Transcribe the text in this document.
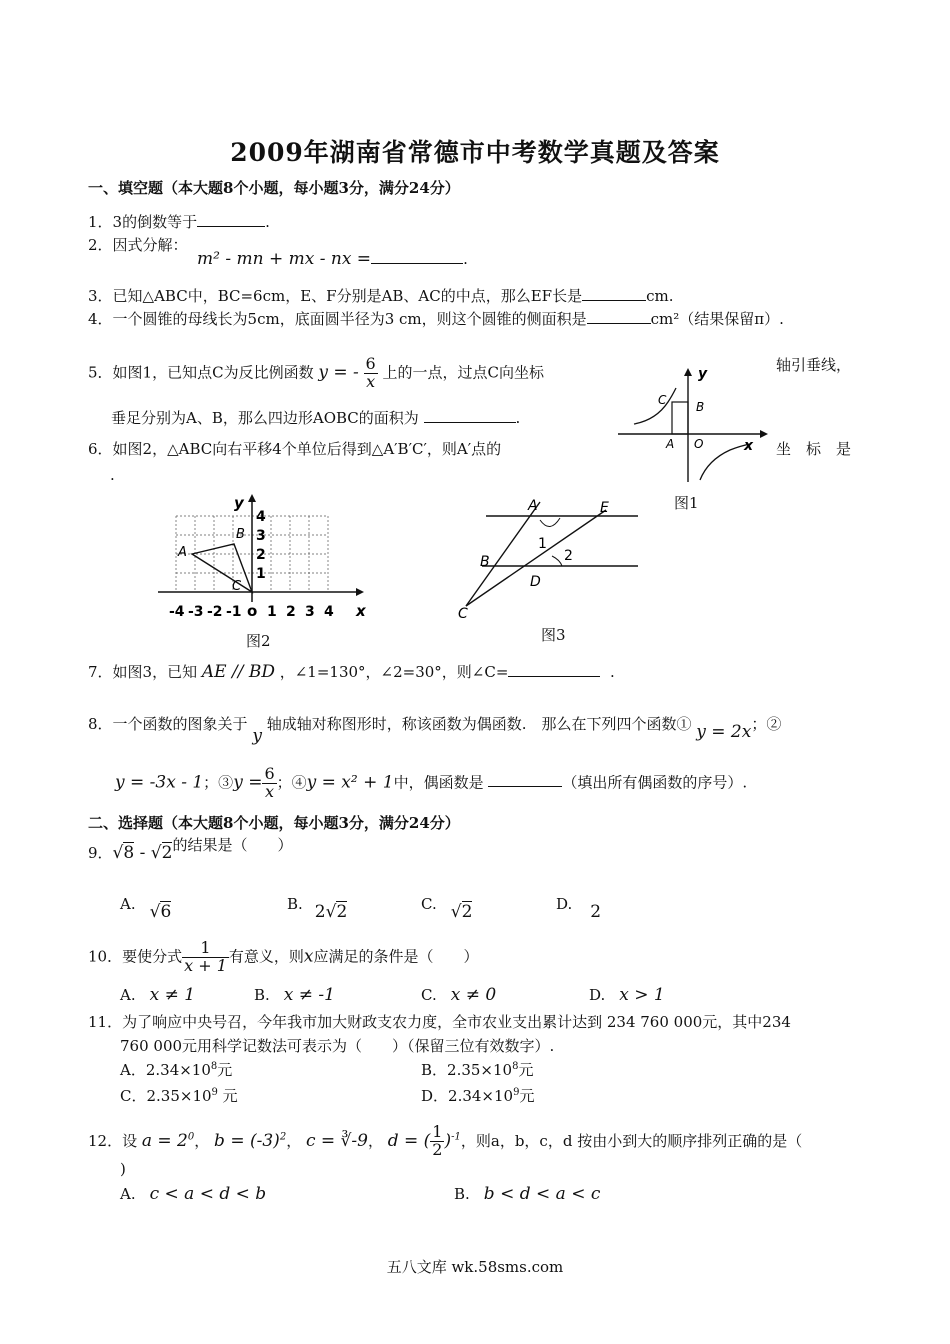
2009年湖南省常德市中考数学真题及答案
一、填空题（本大题8个小题，每小题3分，满分24分）
1．3的倒数等于	.
2．因式分解：
m² - mn + mx - nx =	.
3．已知△ABC中，BC=6cm，E、F分别是AB、AC的中点，那么EF长是	cm.
4．一个圆锥的母线长为5cm，底面圆半径为3 cm，则这个圆锥的侧面积是	cm²（结果保留π）.
5．如图1，已知点C为反比例函数 y = - $\frac{6}{x}$ 上的一点，过点C向坐标	轴引垂线，
垂足分别为A、B，那么四边形AOBC的面积为	.
6．如图2，△ABC向右平移4个单位后得到△A′B′C′，则A′点的	坐　标　是
.
y
x
C B
A O
图1
y
x
A
B
C
o
-4 -3 -2 -1 1 2 3 4
1
2
3
4
图2
A	E
B
D
C
1
2
图3
7．如图3，已知 AE // BD ，∠1=130°，∠2=30°，则∠C=	.
8．一个函数的图象关于 y 轴成轴对称图形时，称该函数为偶函数.　那么在下列四个函数① y = 2x；②
y = -3x - 1；③y = $\frac{6}{x}$ ；④y = x² + 1中，偶函数是	（填出所有偶函数的序号）.
二、选择题（本大题8个小题，每小题3分，满分24分）
9．√8 - √2的结果是（　　）
A. √6	B. 2√2	C. √2	D. 2
10．要使分式 $\frac{1}{x + 1}$ 有意义，则x应满足的条件是（　　）
A. x ≠ 1	B. x ≠ -1	C. x ≠ 0	D. x > 1
11．为了响应中央号召，今年我市加大财政支农力度，全市农业支出累计达到 234 760 000元，其中234
760 000元用科学记数法可表示为（　　）（保留三位有效数字）.
A．$2.34\times 10^8$元	B．$2.35\times 10^8$元
C．$2.35\times 10^9$ 元	D．$2.34\times 10^9$元
12．设 $a = 2^0$， $b = (-3)^2$， c = ∛-9， d = ( $\frac{1}{2} )^{-1}$，则a，b，c，d 按由小到大的顺序排列正确的是（
)
A. c < a < d < b	B. b < d < a < c
五八文库 wk.58sms.com
